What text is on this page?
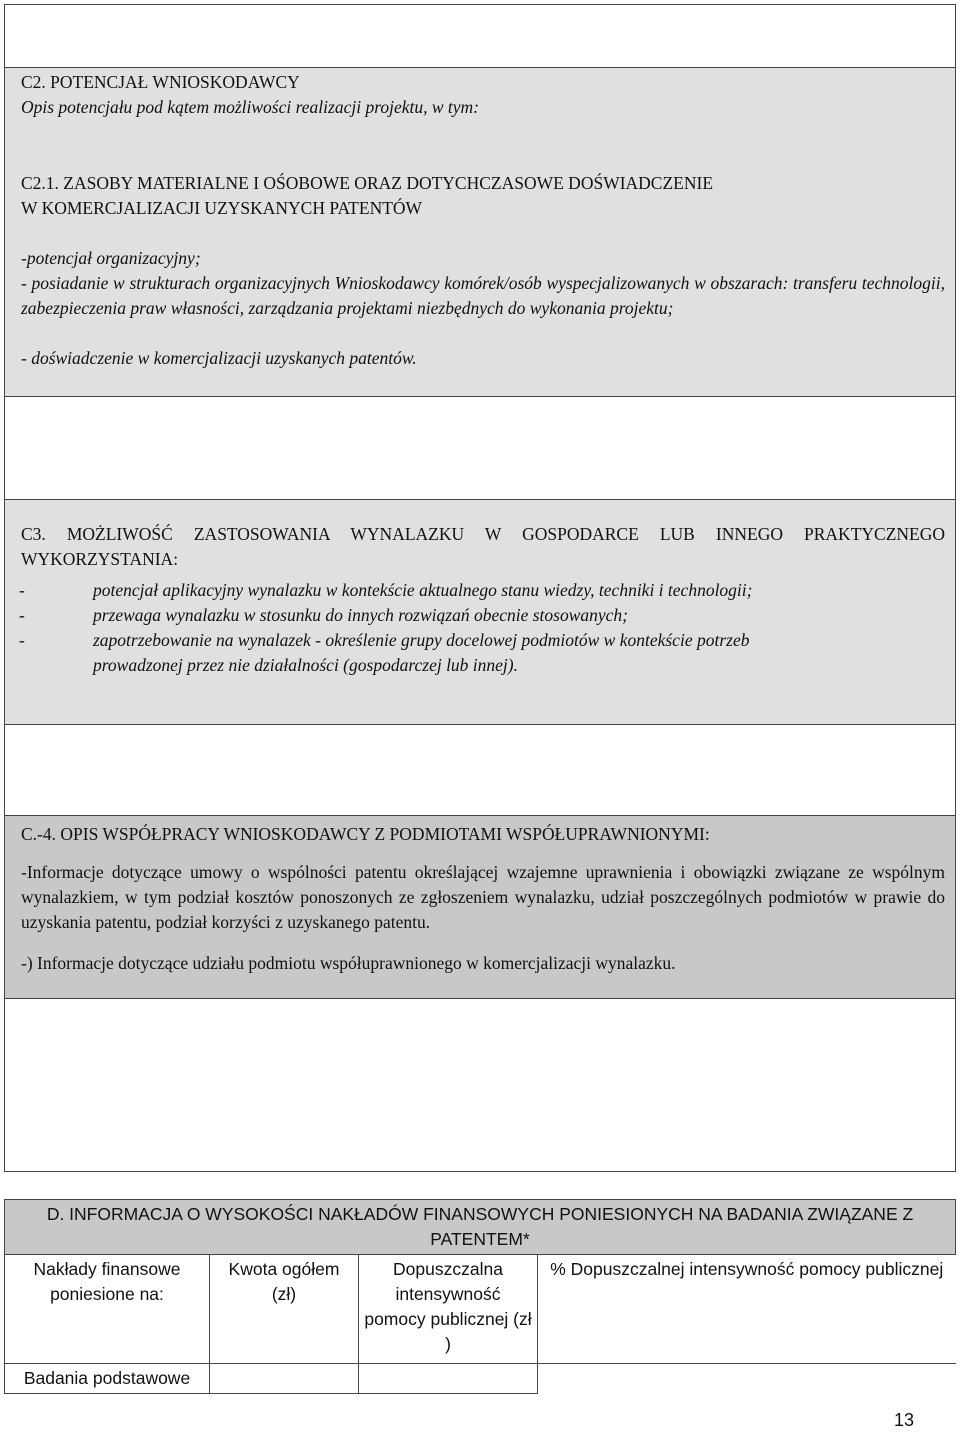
C2. POTENCJAŁ WNIOSKODAWCY
Opis potencjału pod kątem możliwości realizacji projektu, w tym:
C2.1. ZASOBY MATERIALNE I OŚOBOWE ORAZ DOTYCHCZASOWE DOŚWIADCZENIE
W KOMERCJALIZACJI UZYSKANYCH PATENTÓW
-potencjał organizacyjny;
- posiadanie w strukturach organizacyjnych Wnioskodawcy komórek/osób wyspecjalizowanych w obszarach: transferu technologii, zabezpieczenia praw własności, zarządzania projektami niezbędnych do wykonania projektu;
- doświadczenie w komercjalizacji uzyskanych patentów.
C3. MOŻLIWOŚĆ ZASTOSOWANIA WYNALAZKU W GOSPODARCE LUB INNEGO PRAKTYCZNEGO WYKORZYSTANIA:
-	potencjał aplikacyjny wynalazku w kontekście aktualnego stanu wiedzy, techniki i technologii;
-	przewaga wynalazku w stosunku do innych rozwiązań obecnie stosowanych;
-	zapotrzebowanie na wynalazek - określenie grupy docelowej podmiotów w kontekście potrzeb
prowadzonej przez nie działalności (gospodarczej lub innej).
C.-4. OPIS WSPÓŁPRACY WNIOSKODAWCY Z PODMIOTAMI WSPÓŁUPRAWNIONYMI:
-Informacje dotyczące umowy o wspólności patentu określającej wzajemne uprawnienia i obowiązki związane ze wspólnym wynalazkiem, w tym podział kosztów ponoszonych ze zgłoszeniem wynalazku, udział poszczególnych podmiotów w prawie do uzyskania patentu, podział korzyści z uzyskanego patentu.
-) Informacje dotyczące udziału podmiotu współuprawnionego w komercjalizacji wynalazku.
D. INFORMACJA O WYSOKOŚCI NAKŁADÓW FINANSOWYCH PONIESIONYCH NA BADANIA ZWIĄZANE Z PATENTEM*			
Nakłady finansowe poniesione na:	Kwota ogółem (zł)	Dopuszczalna intensywność pomocy publicznej (zł )	% Dopuszczalnej intensywność pomocy publicznej
Badania podstawowe			
13
